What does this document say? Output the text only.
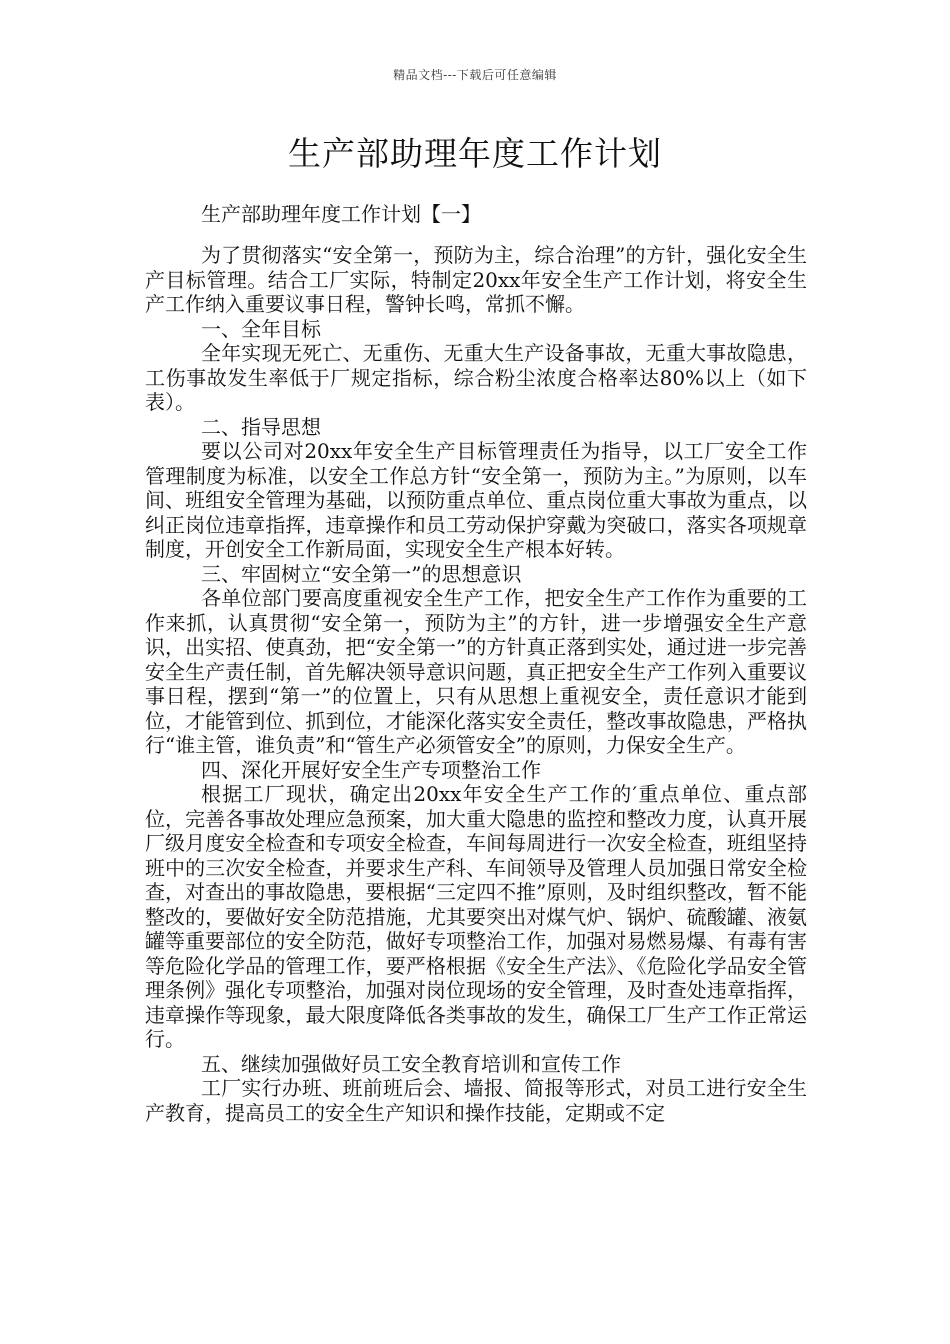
精品文档---下载后可任意编辑
生产部助理年度工作计划
生产部助理年度工作计划【一】

为了贯彻落实“安全第一，预防为主，综合治理”的方针，强化安全生产目标管理。结合工厂实际，特制定20xx年安全生产工作计划，将安全生产工作纳入重要议事日程，警钟长鸣，常抓不懈。

一、全年目标

全年实现无死亡、无重伤、无重大生产设备事故，无重大事故隐患，工伤事故发生率低于厂规定指标，综合粉尘浓度合格率达80%以上（如下表）。

二、指导思想

要以公司对20xx年安全生产目标管理责任为指导，以工厂安全工作管理制度为标准，以安全工作总方针“安全第一，预防为主。”为原则，以车间、班组安全管理为基础，以预防重点单位、重点岗位重大事故为重点，以纠正岗位违章指挥，违章操作和员工劳动保护穿戴为突破口，落实各项规章制度，开创安全工作新局面，实现安全生产根本好转。

三、牢固树立“安全第一”的思想意识

各单位部门要高度重视安全生产工作，把安全生产工作作为重要的工作来抓，认真贯彻“安全第一，预防为主”的方针，进一步增强安全生产意识，出实招、使真劲，把“安全第一”的方针真正落到实处，通过进一步完善安全生产责任制，首先解决领导意识问题，真正把安全生产工作列入重要议事日程，摆到“第一”的位置上，只有从思想上重视安全，责任意识才能到位，才能管到位、抓到位，才能深化落实安全责任，整改事故隐患，严格执行“谁主管，谁负责”和“管生产必须管安全”的原则，力保安全生产。

四、深化开展好安全生产专项整治工作

根据工厂现状，确定出20xx年安全生产工作的′重点单位、重点部位，完善各事故处理应急预案，加大重大隐患的监控和整改力度，认真开展厂级月度安全检查和专项安全检查，车间每周进行一次安全检查，班组坚持班中的三次安全检查，并要求生产科、车间领导及管理人员加强日常安全检查，对查出的事故隐患，要根据“三定四不推”原则，及时组织整改，暂不能整改的，要做好安全防范措施，尤其要突出对煤气炉、锅炉、硫酸罐、液氨罐等重要部位的安全防范，做好专项整治工作，加强对易燃易爆、有毒有害等危险化学品的管理工作，要严格根据《安全生产法》、《危险化学品安全管理条例》强化专项整治，加强对岗位现场的安全管理，及时查处违章指挥，违章操作等现象，最大限度降低各类事故的发生，确保工厂生产工作正常运行。

五、继续加强做好员工安全教育培训和宣传工作

工厂实行办班、班前班后会、墙报、简报等形式，对员工进行安全生产教育，提高员工的安全生产知识和操作技能，定期或不定
